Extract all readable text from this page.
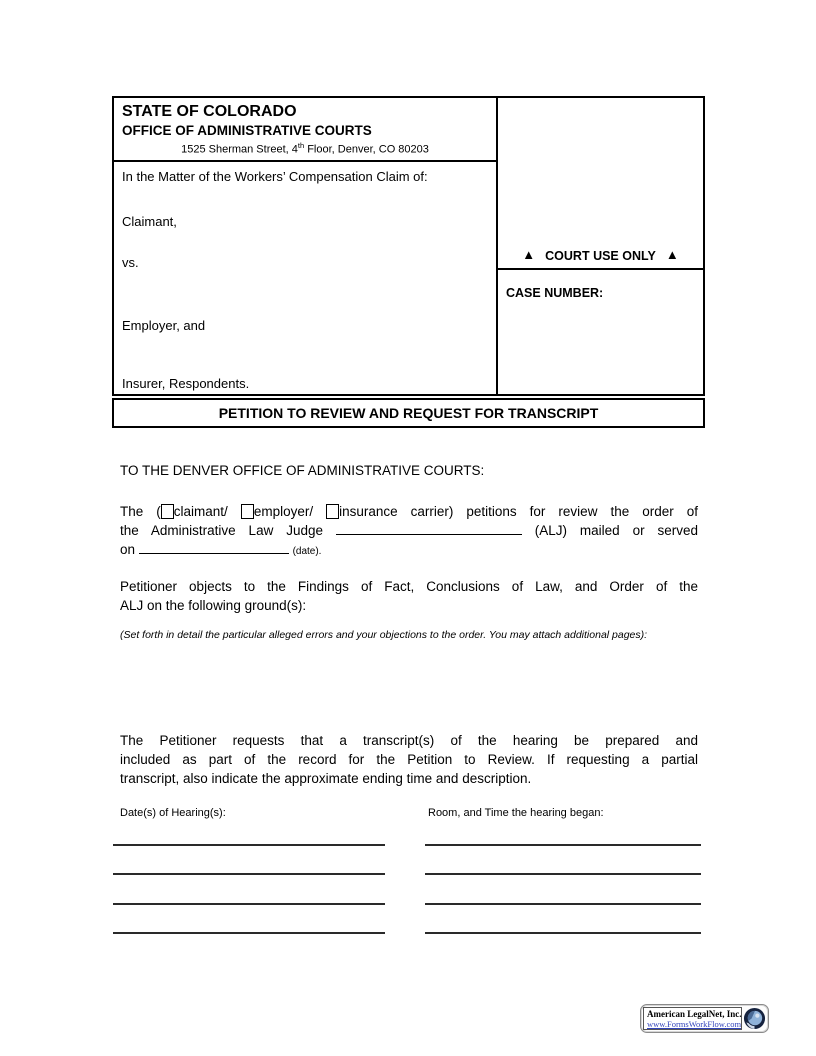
STATE OF COLORADO
OFFICE OF ADMINISTRATIVE COURTS
1525 Sherman Street, 4th Floor, Denver, CO 80203
In the Matter of the Workers’ Compensation Claim of:
Claimant,
vs.
Employer, and
Insurer, Respondents.
▲ COURT USE ONLY ▲
CASE NUMBER:
PETITION TO REVIEW AND REQUEST FOR TRANSCRIPT
TO THE DENVER OFFICE OF ADMINISTRATIVE COURTS:
The ( claimant/ employer/ insurance carrier) petitions for review the order of
the Administrative Law Judge	(ALJ) mailed or served
on	(date).
Petitioner objects to the Findings of Fact, Conclusions of Law, and Order of the
ALJ on the following ground(s):
(Set forth in detail the particular alleged errors and your objections to the order. You may attach additional pages):
The Petitioner requests that a transcript(s) of the hearing be prepared and
included as part of the record for the Petition to Review. If requesting a partial
transcript, also indicate the approximate ending time and description.
Date(s) of Hearing(s):	Room, and Time the hearing began:
American LegalNet, Inc.
www.FormsWorkFlow.com
